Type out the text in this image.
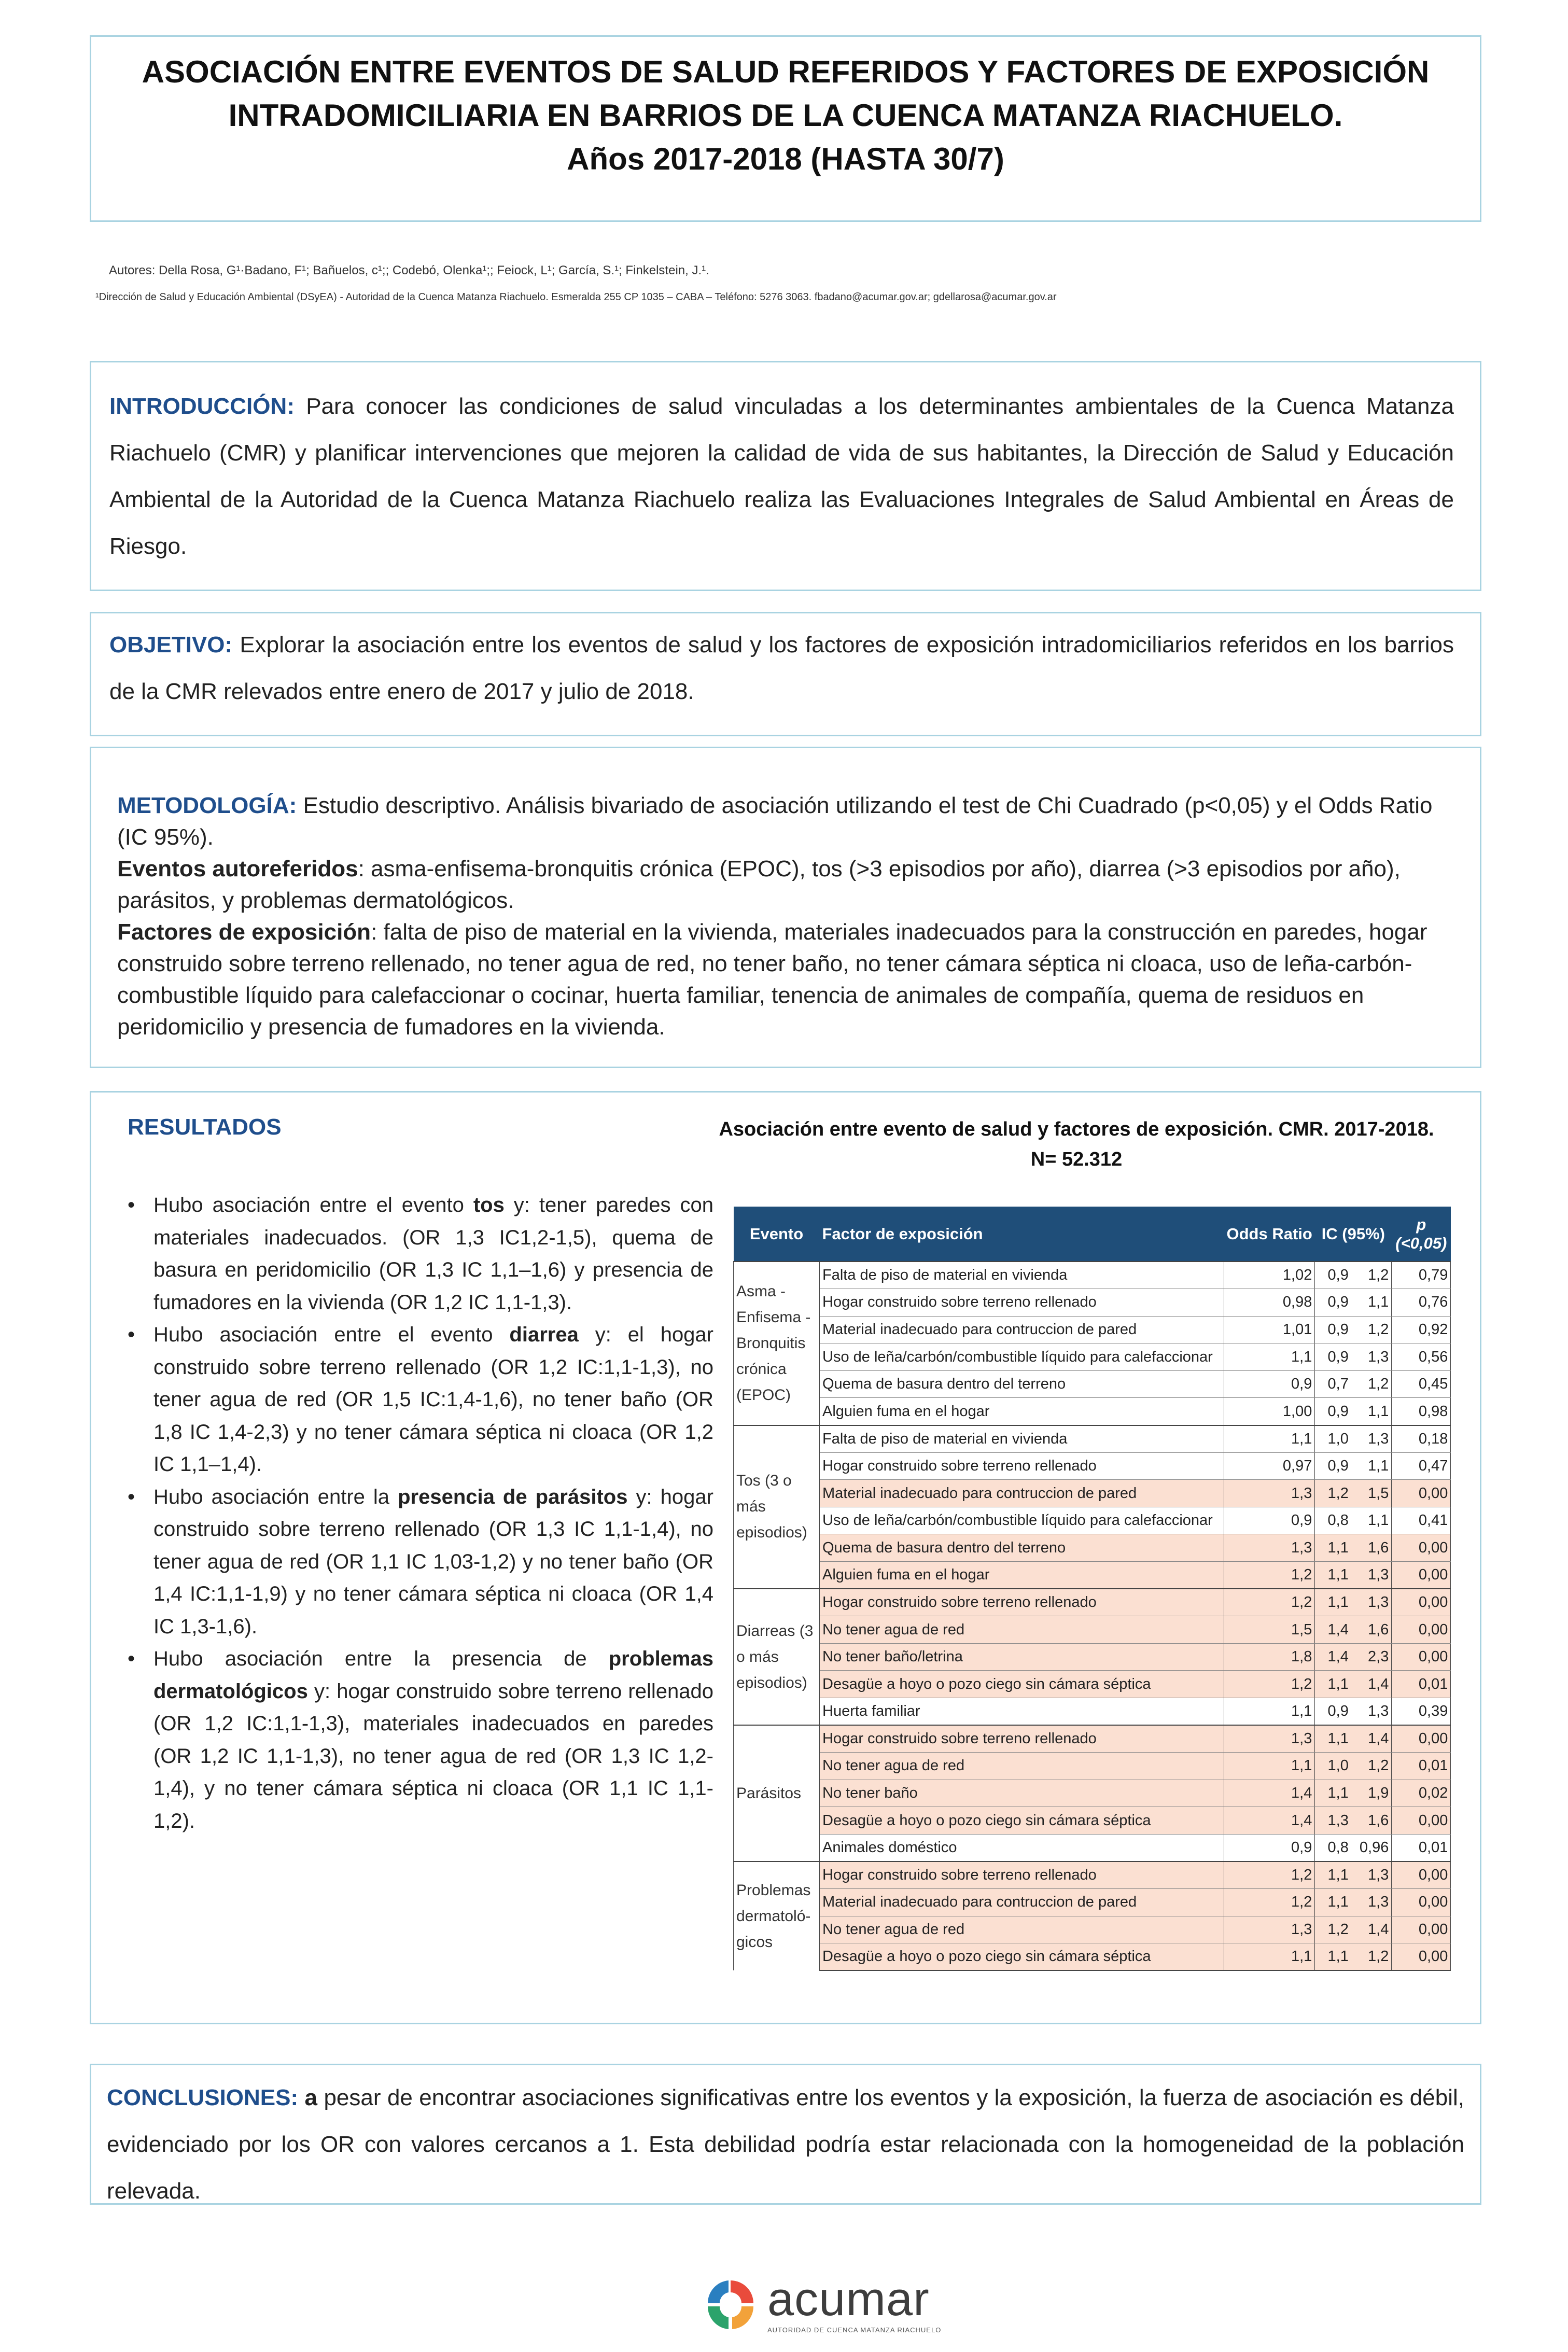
ASOCIACIÓN ENTRE EVENTOS DE SALUD REFERIDOS Y FACTORES DE EXPOSICIÓN
INTRADOMICILIARIA EN BARRIOS DE LA CUENCA MATANZA RIACHUELO.
Años 2017-2018 (HASTA 30/7)
Autores: Della Rosa, G¹·Badano, F¹; Bañuelos, c¹;; Codebó, Olenka¹;; Feiock, L¹; García, S.¹; Finkelstein, J.¹.
¹Dirección de Salud y Educación Ambiental (DSyEA) - Autoridad de la Cuenca Matanza Riachuelo. Esmeralda 255 CP 1035 – CABA – Teléfono: 5276 3063. fbadano@acumar.gov.ar; gdellarosa@acumar.gov.ar

INTRODUCCIÓN: Para conocer las condiciones de salud vinculadas a los determinantes ambientales de la Cuenca Matanza Riachuelo (CMR) y planificar intervenciones que mejoren la calidad de vida de sus habitantes, la Dirección de Salud y Educación Ambiental de la Autoridad de la Cuenca Matanza Riachuelo realiza las Evaluaciones Integrales de Salud Ambiental en Áreas de Riesgo.

OBJETIVO: Explorar la asociación entre los eventos de salud y los factores de exposición intradomiciliarios referidos en los barrios de la CMR relevados entre enero de 2017 y julio de 2018.

METODOLOGÍA: Estudio descriptivo. Análisis bivariado de asociación utilizando el test de Chi Cuadrado (p<0,05) y el Odds Ratio (IC 95%).

Eventos autoreferidos: asma-enfisema-bronquitis crónica (EPOC), tos (>3 episodios por año), diarrea (>3 episodios por año), parásitos, y problemas dermatológicos.

Factores de exposición: falta de piso de material en la vivienda, materiales inadecuados para la construcción en paredes, hogar construido sobre terreno rellenado, no tener agua de red, no tener baño, no tener cámara séptica ni cloaca, uso de leña-carbón-combustible líquido para calefaccionar o cocinar, huerta familiar, tenencia de animales de compañía, quema de residuos en peridomicilio y presencia de fumadores en la vivienda.

RESULTADOS
• Hubo asociación entre el evento tos y: tener paredes con materiales inadecuados. (OR 1,3 IC1,2-1,5), quema de basura en peridomicilio (OR 1,3 IC 1,1–1,6) y presencia de fumadores en la vivienda (OR 1,2 IC 1,1-1,3).
• Hubo asociación entre el evento diarrea y: el hogar construido sobre terreno rellenado (OR 1,2 IC:1,1-1,3), no tener agua de red (OR 1,5 IC:1,4-1,6), no tener baño (OR 1,8 IC 1,4-2,3) y no tener cámara séptica ni cloaca (OR 1,2 IC 1,1–1,4).
• Hubo asociación entre la presencia de parásitos y: hogar construido sobre terreno rellenado (OR 1,3 IC 1,1-1,4), no tener agua de red (OR 1,1 IC 1,03-1,2) y no tener baño (OR 1,4 IC:1,1-1,9) y no tener cámara séptica ni cloaca (OR 1,4 IC 1,3-1,6).
• Hubo asociación entre la presencia de problemas dermatológicos y: hogar construido sobre terreno rellenado (OR 1,2 IC:1,1-1,3), materiales inadecuados en paredes (OR 1,2 IC 1,1-1,3), no tener agua de red (OR 1,3 IC 1,2-1,4), y no tener cámara séptica ni cloaca (OR 1,1 IC 1,1-1,2).
Asociación entre evento de salud y factores de exposición. CMR. 2017-2018.
N= 52.312
Evento	Factor de exposición	Odds Ratio	IC (95%)		p
(<0,05)

Asma - Enfisema - Bronquitis crónica (EPOC)	Falta de piso de material en vivienda	1,02	0,9	1,2	0,79
	Hogar construido sobre terreno rellenado	0,98	0,9	1,1	0,76
	Material inadecuado para contruccion de pared	1,01	0,9	1,2	0,92
	Uso de leña/carbón/combustible líquido para calefaccionar	1,1	0,9	1,3	0,56
	Quema de basura dentro del terreno	0,9	0,7	1,2	0,45
	Alguien fuma en el hogar	1,00	0,9	1,1	0,98
Tos (3 o más episodios)	Falta de piso de material en vivienda	1,1	1,0	1,3	0,18
	Hogar construido sobre terreno rellenado	0,97	0,9	1,1	0,47
	Material inadecuado para contruccion de pared	1,3	1,2	1,5	0,00
	Uso de leña/carbón/combustible líquido para calefaccionar	0,9	0,8	1,1	0,41
	Quema de basura dentro del terreno	1,3	1,1	1,6	0,00
	Alguien fuma en el hogar	1,2	1,1	1,3	0,00
Diarreas (3 o más episodios)	Hogar construido sobre terreno rellenado	1,2	1,1	1,3	0,00
	No tener agua de red	1,5	1,4	1,6	0,00
	No tener baño/letrina	1,8	1,4	2,3	0,00
	Desagüe a hoyo o pozo ciego sin cámara séptica	1,2	1,1	1,4	0,01
	Huerta familiar	1,1	0,9	1,3	0,39
Parásitos	Hogar construido sobre terreno rellenado	1,3	1,1	1,4	0,00
	No tener agua de red	1,1	1,0	1,2	0,01
	No tener baño	1,4	1,1	1,9	0,02
	Desagüe a hoyo o pozo ciego sin cámara séptica	1,4	1,3	1,6	0,00
	Animales doméstico	0,9	0,8	0,96	0,01
Problemas dermatoló- gicos	Hogar construido sobre terreno rellenado	1,2	1,1	1,3	0,00
	Material inadecuado para contruccion de pared	1,2	1,1	1,3	0,00
	No tener agua de red	1,3	1,2	1,4	0,00
	Desagüe a hoyo o pozo ciego sin cámara séptica	1,1	1,1	1,2	0,00

CONCLUSIONES: a pesar de encontrar asociaciones significativas entre los eventos y la exposición, la fuerza de asociación es débil, evidenciado por los OR con valores cercanos a 1. Esta debilidad podría estar relacionada con la homogeneidad de la población relevada.

acumar
AUTORIDAD DE CUENCA MATANZA RIACHUELO
